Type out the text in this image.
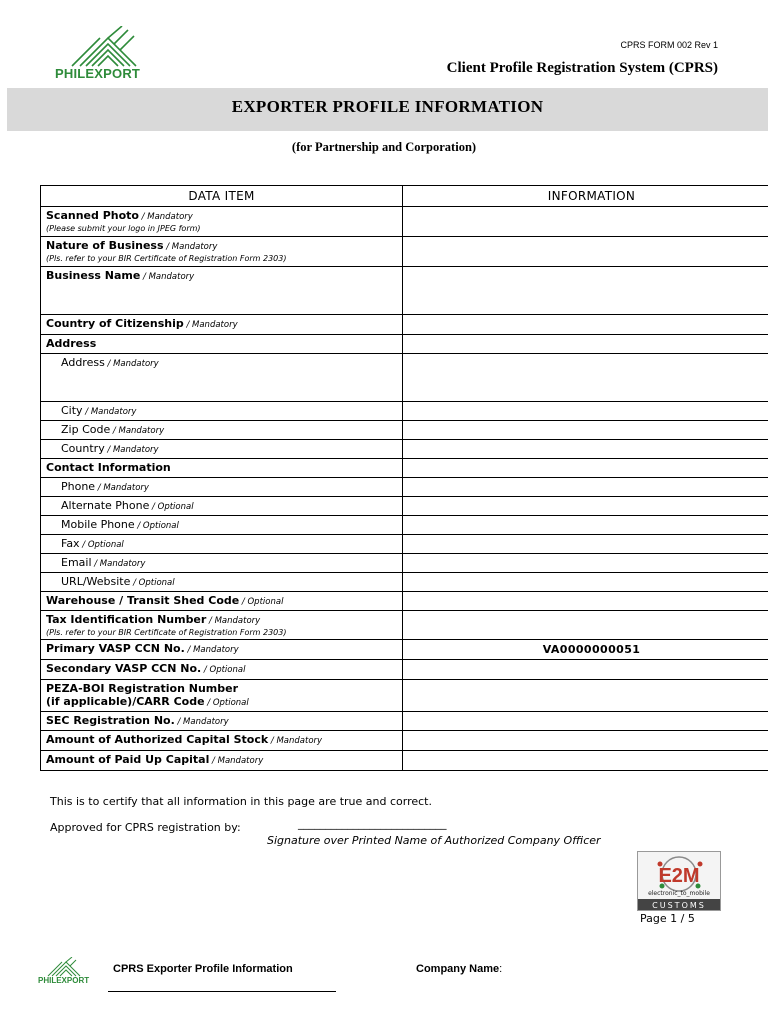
PHILEXPORT
CPRS FORM 002 Rev 1
Client Profile Registration System (CPRS)
EXPORTER PROFILE INFORMATION
(for Partnership and Corporation)
DATA ITEM	INFORMATION
Scanned Photo / Mandatory
(Please submit your logo in JPEG form)	

Nature of Business / Mandatory
(Pls. refer to your BIR Certificate of Registration Form 2303)	

Business Name / Mandatory	
Country of Citizenship / Mandatory	
Address	
Address / Mandatory	
City / Mandatory	
Zip Code / Mandatory	
Country / Mandatory	
Contact Information	
Phone / Mandatory	
Alternate Phone / Optional	
Mobile Phone / Optional	
Fax / Optional	
Email / Mandatory	
URL/Website / Optional	
Warehouse / Transit Shed Code / Optional	
Tax Identification Number / Mandatory
(Pls. refer to your BIR Certificate of Registration Form 2303)	

Primary VASP CCN No. / Mandatory	VA0000000051
Secondary VASP CCN No. / Optional	
PEZA-BOI Registration Number
(if applicable)/CARR Code / Optional	
SEC Registration No. / Mandatory	
Amount of Authorized Capital Stock / Mandatory	
Amount of Paid Up Capital / Mandatory	
This is to certify that all information in this page are true and correct.
Approved for CPRS registration by:	___________________________
Signature over Printed Name of Authorized Company Officer
E2M
electronic_to_mobile
CUSTOMS
Page 1 / 5
PHILEXPORT
CPRS Exporter Profile Information	Company Name:
